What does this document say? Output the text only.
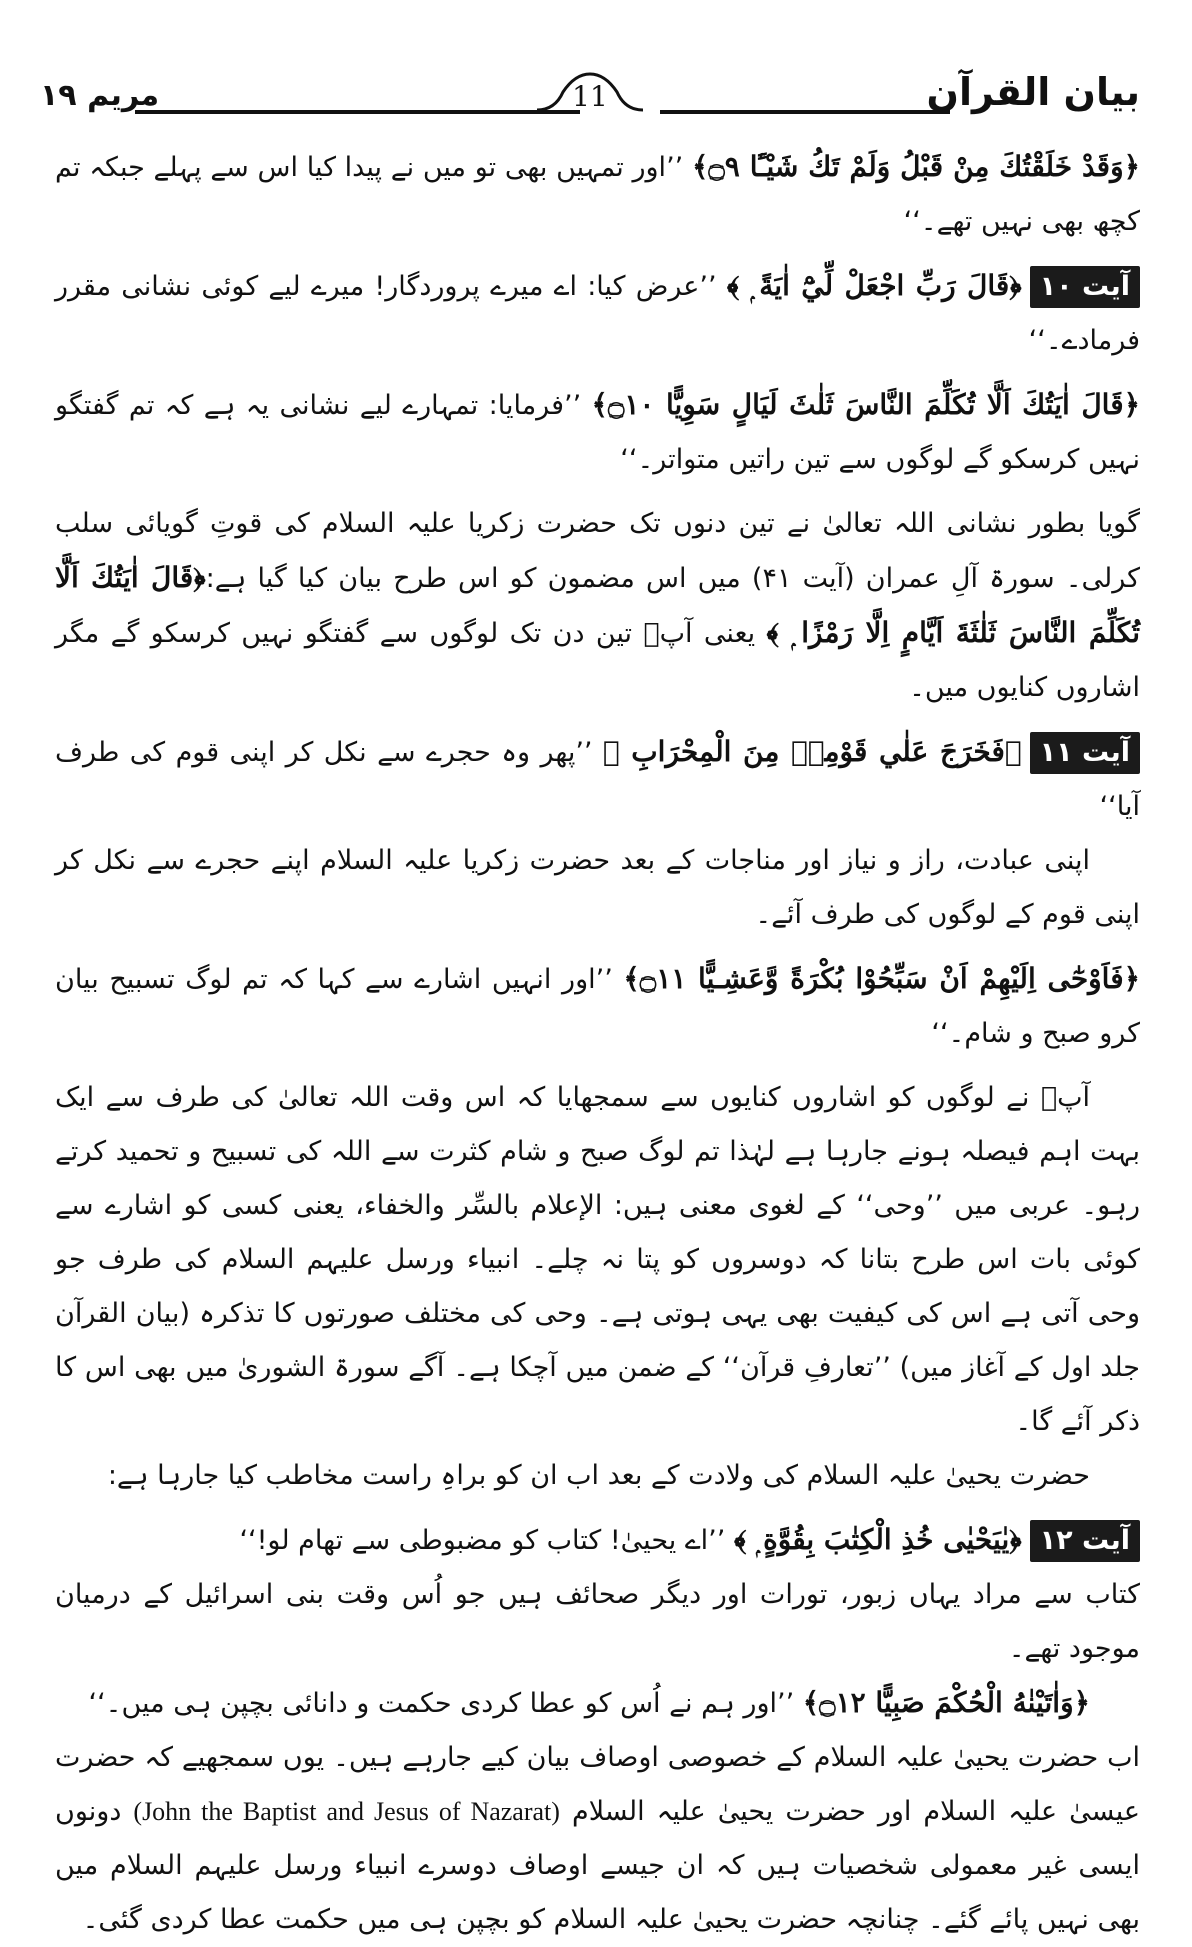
بیان القرآن
11
مریم ۱۹

﴿وَقَدْ خَلَقْتُكَ مِنْ قَبْلُ وَلَمْ تَكُ شَيْـًٔا ۝٩﴾ ’’اور تمہیں بھی تو میں نے پیدا کیا اس سے پہلے جبکہ تم کچھ بھی نہیں تھے۔‘‘

آیت ۱۰﴿قَالَ رَبِّ اجْعَلْ لِّيْٓ اٰيَةً ۭ ﴾ ’’عرض کیا: اے میرے پروردگار! میرے لیے کوئی نشانی مقرر فرمادے۔‘‘

﴿قَالَ اٰيَتُكَ اَلَّا تُكَلِّمَ النَّاسَ ثَلٰثَ لَيَالٍ سَوِيًّا ۝١٠﴾ ’’فرمایا: تمہارے لیے نشانی یہ ہے کہ تم گفتگو نہیں کرسکو گے لوگوں سے تین راتیں متواتر۔‘‘

گویا بطور نشانی اللہ تعالیٰ نے تین دنوں تک حضرت زکریا علیہ السلام کی قوتِ گویائی سلب کرلی۔ سورۃ آلِ عمران (آیت ۴۱) میں اس مضمون کو اس طرح بیان کیا گیا ہے:﴿قَالَ اٰيَتُكَ اَلَّا تُكَلِّمَ النَّاسَ ثَلٰثَةَ اَيَّامٍ اِلَّا رَمْزًا ۭ ﴾ یعنی آپؑ تین دن تک لوگوں سے گفتگو نہیں کرسکو گے مگر اشاروں کنایوں میں۔

آیت ۱۱﴿فَخَرَجَ عَلٰي قَوْمِهٖ مِنَ الْمِحْرَابِ ﴾ ’’پھر وہ حجرے سے نکل کر اپنی قوم کی طرف آیا‘‘

اپنی عبادت، راز و نیاز اور مناجات کے بعد حضرت زکریا علیہ السلام اپنے حجرے سے نکل کر اپنی قوم کے لوگوں کی طرف آئے۔

﴿فَاَوْحٰٓى اِلَيْهِمْ اَنْ سَبِّحُوْا بُكْرَةً وَّعَشِـيًّا ۝١١﴾ ’’اور انہیں اشارے سے کہا کہ تم لوگ تسبیح بیان کرو صبح و شام۔‘‘

آپؑ نے لوگوں کو اشاروں کنایوں سے سمجھایا کہ اس وقت اللہ تعالیٰ کی طرف سے ایک بہت اہم فیصلہ ہونے جارہا ہے لہٰذا تم لوگ صبح و شام کثرت سے اللہ کی تسبیح و تحمید کرتے رہو۔ عربی میں ’’وحی‘‘ کے لغوی معنی ہیں: الإعلام بالسِّر والخفاء، یعنی کسی کو اشارے سے کوئی بات اس طرح بتانا کہ دوسروں کو پتا نہ چلے۔ انبیاء ورسل علیہم السلام کی طرف جو وحی آتی ہے اس کی کیفیت بھی یہی ہوتی ہے۔ وحی کی مختلف صورتوں کا تذکرہ (بیان القرآن جلد اول کے آغاز میں) ’’تعارفِ قرآن‘‘ کے ضمن میں آچکا ہے۔ آگے سورۃ الشوریٰ میں بھی اس کا ذکر آئے گا۔

حضرت یحییٰ علیہ السلام کی ولادت کے بعد اب ان کو براہِ راست مخاطب کیا جارہا ہے:

آیت ۱۲﴿يٰيَحْيٰى خُذِ الْكِتٰبَ بِقُوَّةٍ ۭ ﴾ ’’اے یحییٰ! کتاب کو مضبوطی سے تھام لو!‘‘

کتاب سے مراد یہاں زبور، تورات اور دیگر صحائف ہیں جو اُس وقت بنی اسرائیل کے درمیان موجود تھے۔

﴿وَاٰتَيْنٰهُ الْحُكْمَ صَبِيًّا ۝١٢﴾ ’’اور ہم نے اُس کو عطا کردی حکمت و دانائی بچپن ہی میں۔‘‘

اب حضرت یحییٰ علیہ السلام کے خصوصی اوصاف بیان کیے جارہے ہیں۔ یوں سمجھیے کہ حضرت عیسیٰ علیہ السلام اور حضرت یحییٰ علیہ السلام (John the Baptist and Jesus of Nazarat) دونوں ایسی غیر معمولی شخصیات ہیں کہ ان جیسے اوصاف دوسرے انبیاء ورسل علیہم السلام میں بھی نہیں پائے گئے۔ چنانچہ حضرت یحییٰ علیہ السلام کو بچپن ہی میں حکمت عطا کردی گئی۔
